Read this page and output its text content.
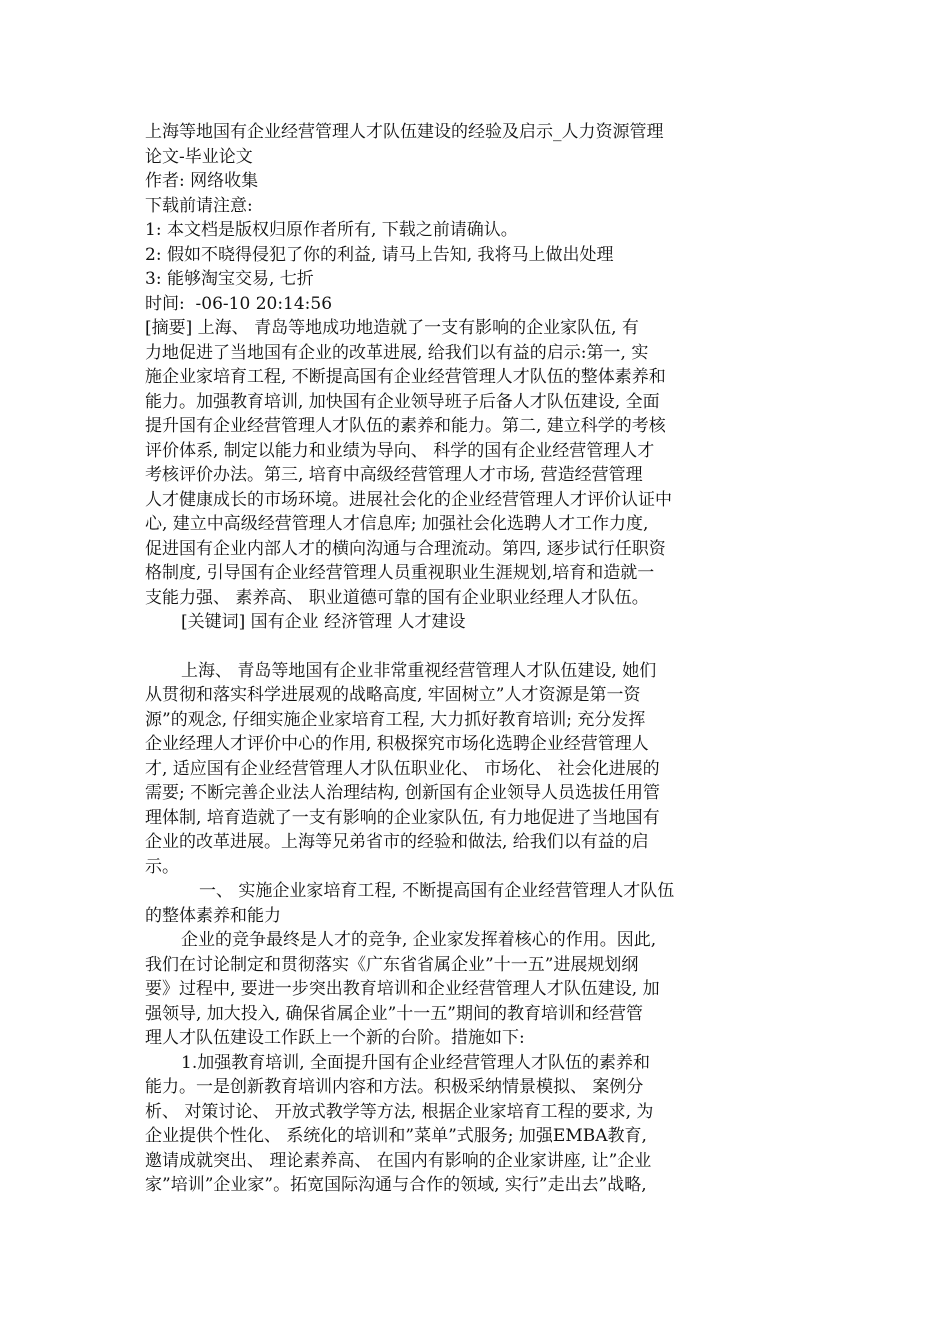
上海等地国有企业经营管理人才队伍建设的经验及启示_人力资源管理

论文-毕业论文

作者: 网络收集

下载前请注意:

1: 本文档是版权归原作者所有, 下载之前请确认。

2: 假如不晓得侵犯了你的利益, 请马上告知, 我将马上做出处理

3: 能够淘宝交易, 七折

时间:  -06-10 20:14:56

[摘要] 上海、 青岛等地成功地造就了一支有影响的企业家队伍, 有

力地促进了当地国有企业的改革进展, 给我们以有益的启示:第一, 实

施企业家培育工程, 不断提高国有企业经营管理人才队伍的整体素养和

能力。加强教育培训, 加快国有企业领导班子后备人才队伍建设, 全面

提升国有企业经营管理人才队伍的素养和能力。第二, 建立科学的考核

评价体系, 制定以能力和业绩为导向、 科学的国有企业经营管理人才

考核评价办法。第三, 培育中高级经营管理人才市场, 营造经营管理

人才健康成长的市场环境。进展社会化的企业经营管理人才评价认证中

心, 建立中高级经营管理人才信息库; 加强社会化选聘人才工作力度,

促进国有企业内部人才的横向沟通与合理流动。第四, 逐步试行任职资

格制度, 引导国有企业经营管理人员重视职业生涯规划,培育和造就一

支能力强、 素养高、 职业道德可靠的国有企业职业经理人才队伍。

[关键词] 国有企业 经济管理 人才建设

上海、 青岛等地国有企业非常重视经营管理人才队伍建设, 她们

从贯彻和落实科学进展观的战略高度, 牢固树立”人才资源是第一资

源”的观念, 仔细实施企业家培育工程, 大力抓好教育培训; 充分发挥

企业经理人才评价中心的作用, 积极探究市场化选聘企业经营管理人

才, 适应国有企业经营管理人才队伍职业化、 市场化、 社会化进展的

需要; 不断完善企业法人治理结构, 创新国有企业领导人员选拔任用管

理体制, 培育造就了一支有影响的企业家队伍, 有力地促进了当地国有

企业的改革进展。上海等兄弟省市的经验和做法, 给我们以有益的启

示。

一、 实施企业家培育工程, 不断提高国有企业经营管理人才队伍

的整体素养和能力

企业的竞争最终是人才的竞争, 企业家发挥着核心的作用。因此,

我们在讨论制定和贯彻落实《广东省省属企业”十一五”进展规划纲

要》过程中, 要进一步突出教育培训和企业经营管理人才队伍建设, 加

强领导, 加大投入, 确保省属企业”十一五”期间的教育培训和经营管

理人才队伍建设工作跃上一个新的台阶。措施如下:

1.加强教育培训, 全面提升国有企业经营管理人才队伍的素养和

能力。一是创新教育培训内容和方法。积极采纳情景模拟、 案例分

析、 对策讨论、 开放式教学等方法, 根据企业家培育工程的要求, 为

企业提供个性化、 系统化的培训和”菜单”式服务; 加强EMBA教育,

邀请成就突出、 理论素养高、 在国内有影响的企业家讲座, 让”企业

家”培训”企业家”。拓宽国际沟通与合作的领域, 实行”走出去”战略,
